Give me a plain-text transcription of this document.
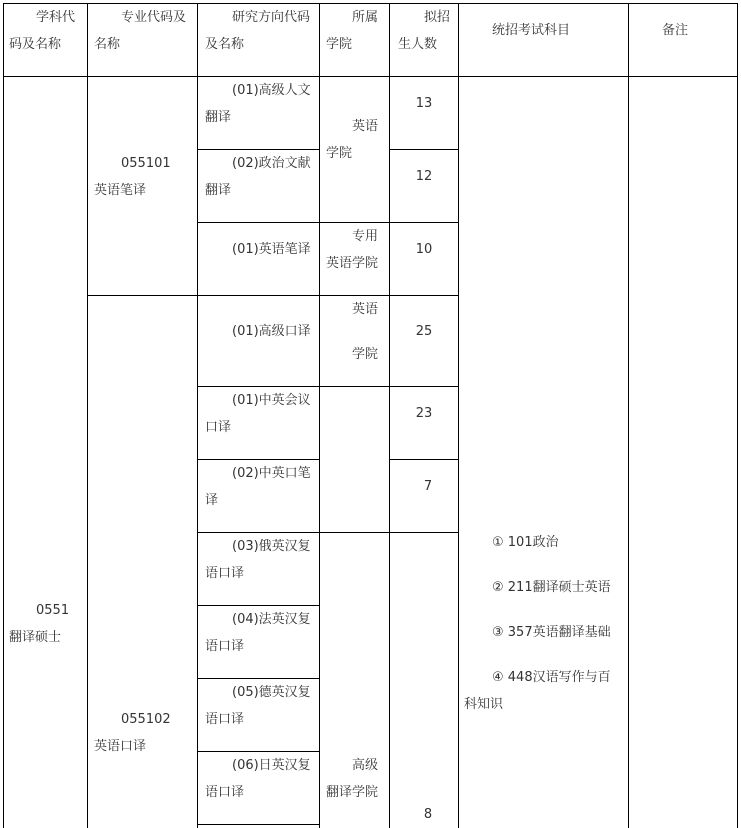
学科代
码及名称
专业代码及
名称
研究方向代码
及名称
所属
学院
拟招
生人数
统招考试科目	备注
0551
翻译硕士
055101
英语笔译
055102
英语口译
(01)高级人文
翻译
(02)政治文献
翻译
(01)英语笔译
(01)高级口译
(01)中英会议
口译
(02)中英口笔
译
(03)俄英汉复
语口译
(04)法英汉复
语口译
(05)德英汉复
语口译
(06)日英汉复
语口译
英语
学院
专用
英语学院
英语
学院
高级
翻译学院
13
12
10
25
23
7
8
① 101政治
② 211翻译硕士英语
③ 357英语翻译基础
④ 448汉语写作与百
科知识
